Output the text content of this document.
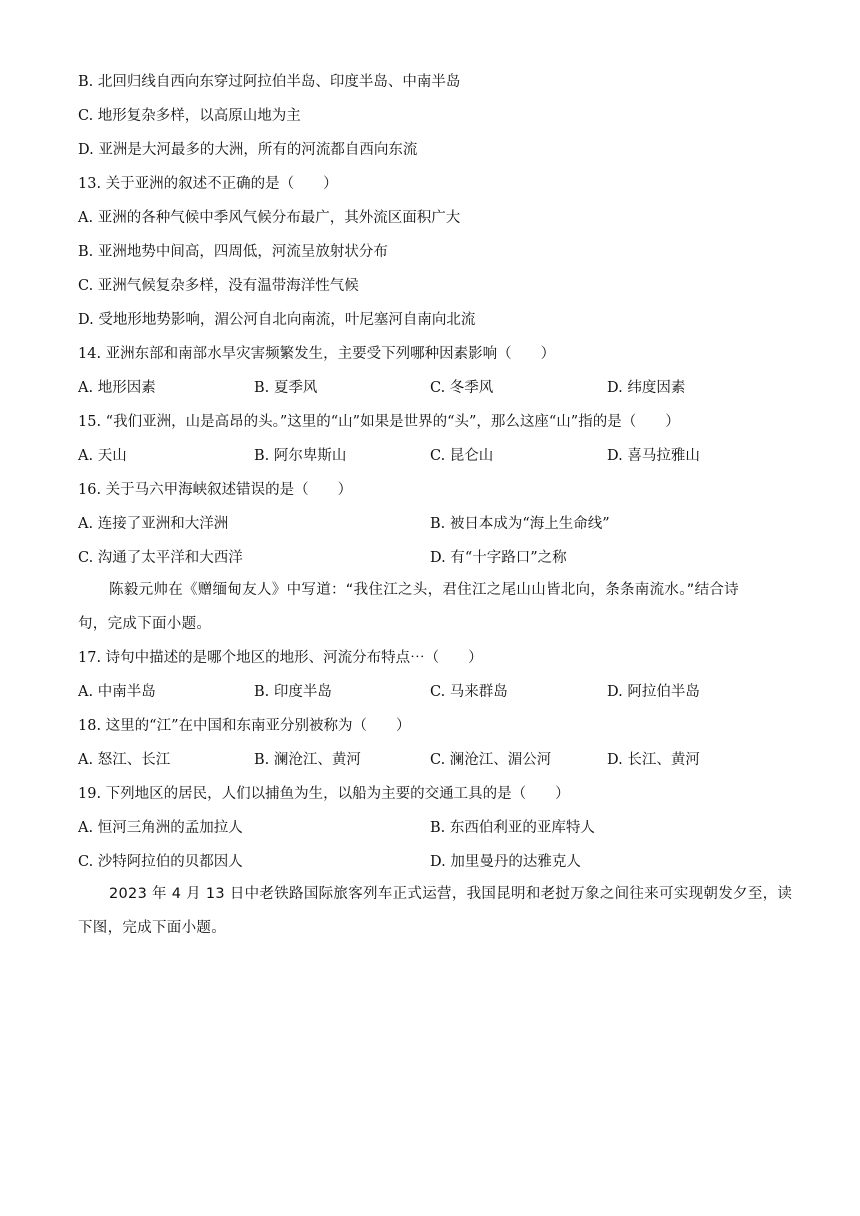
B. 北回归线自西向东穿过阿拉伯半岛、印度半岛、中南半岛
C. 地形复杂多样，以高原山地为主
D. 亚洲是大河最多的大洲，所有的河流都自西向东流
13. 关于亚洲的叙述不正确的是（　　）
A. 亚洲的各种气候中季风气候分布最广，其外流区面积广大
B. 亚洲地势中间高，四周低，河流呈放射状分布
C. 亚洲气候复杂多样，没有温带海洋性气候
D. 受地形地势影响，湄公河自北向南流，叶尼塞河自南向北流
14. 亚洲东部和南部水旱灾害频繁发生，主要受下列哪种因素影响（　　）
A. 地形因素	B. 夏季风	C. 冬季风	D. 纬度因素
15. “我们亚洲，山是高昂的头。”这里的“山”如果是世界的“头”，那么这座“山”指的是（　　）
A. 天山	B. 阿尔卑斯山	C. 昆仑山	D. 喜马拉雅山
16. 关于马六甲海峡叙述错误的是（　　）
A. 连接了亚洲和大洋洲	B. 被日本成为“海上生命线”
C. 沟通了太平洋和大西洋	D. 有“十字路口”之称
陈毅元帅在《赠缅甸友人》中写道：“我住江之头，君住江之尾山山皆北向，条条南流水。”结合诗
句，完成下面小题。
17. 诗句中描述的是哪个地区的地形、河流分布特点⋯（　　）
A. 中南半岛	B. 印度半岛	C. 马来群岛	D. 阿拉伯半岛
18. 这里的“江”在中国和东南亚分别被称为（　　）
A. 怒江、长江	B. 澜沧江、黄河	C. 澜沧江、湄公河	D. 长江、黄河
19. 下列地区的居民，人们以捕鱼为生，以船为主要的交通工具的是（　　）
A. 恒河三角洲的孟加拉人	B. 东西伯利亚的亚库特人
C. 沙特阿拉伯的贝都因人	D. 加里曼丹的达雅克人
2023 年 4 月 13 日中老铁路国际旅客列车正式运营，我国昆明和老挝万象之间往来可实现朝发夕至，读
下图，完成下面小题。
